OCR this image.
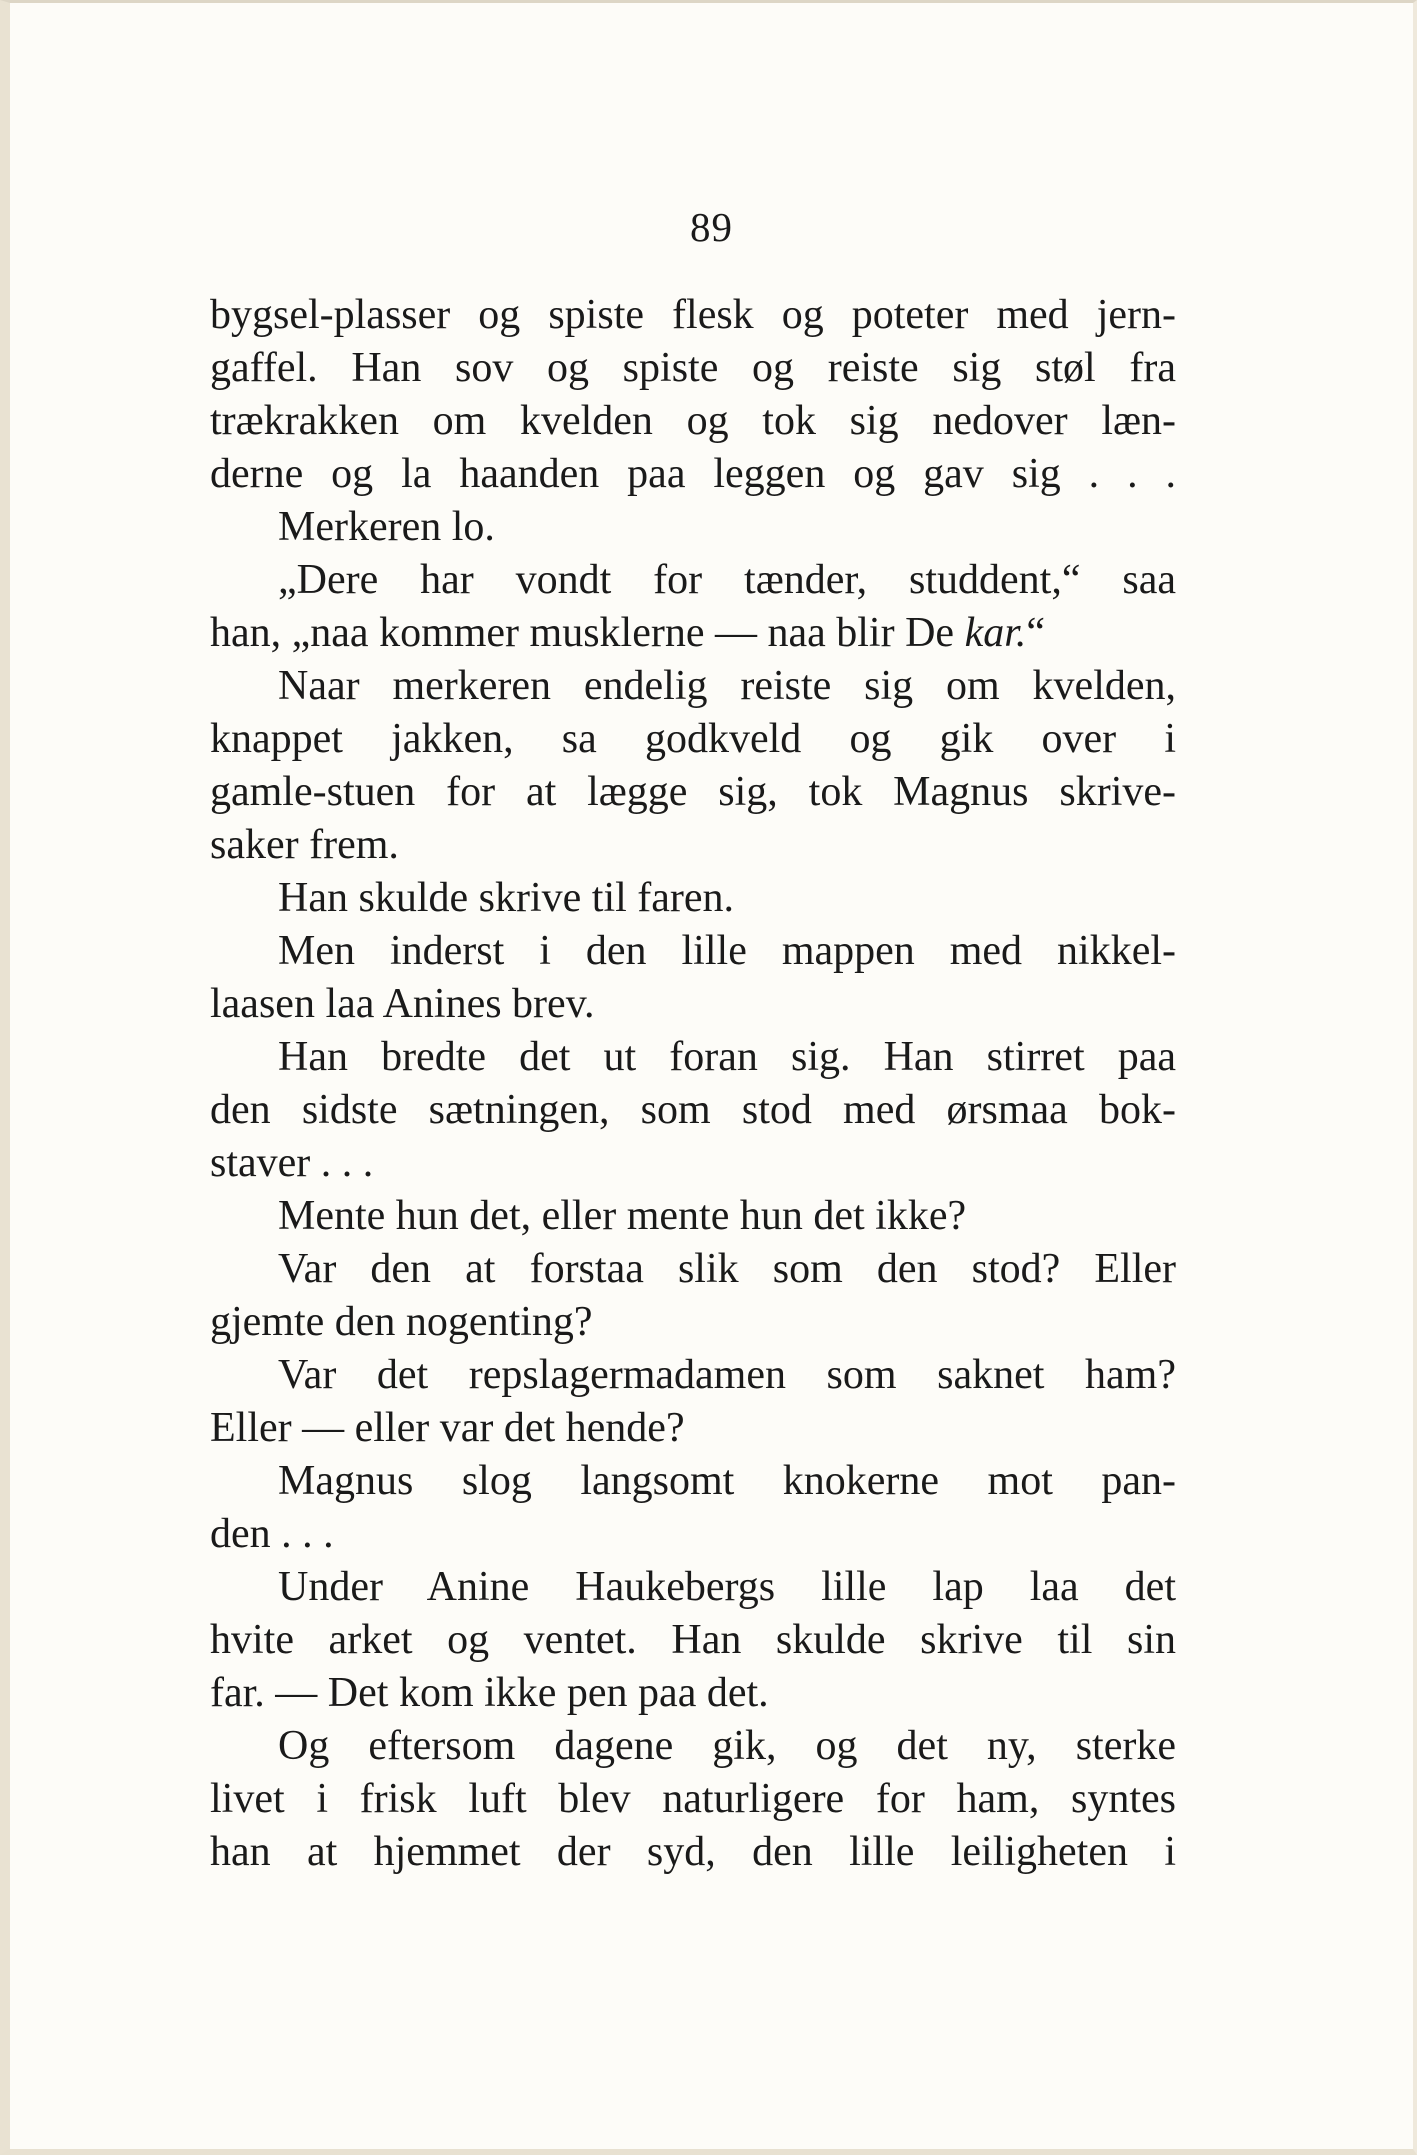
89
bygsel-plasser og spiste flesk og poteter med jern-
gaffel. Han sov og spiste og reiste sig støl fra
trækrakken om kvelden og tok sig nedover læn-
derne og la haanden paa leggen og gav sig . . .
Merkeren lo.
„Dere har vondt for tænder, studdent,“ saa
han, „naa kommer musklerne — naa blir De kar.“
Naar merkeren endelig reiste sig om kvelden,
knappet jakken, sa godkveld og gik over i
gamle-stuen for at lægge sig, tok Magnus skrive-
saker frem.
Han skulde skrive til faren.
Men inderst i den lille mappen med nikkel-
laasen laa Anines brev.
Han bredte det ut foran sig. Han stirret paa
den sidste sætningen, som stod med ørsmaa bok-
staver . . .
Mente hun det, eller mente hun det ikke?
Var den at forstaa slik som den stod? Eller
gjemte den nogenting?
Var det repslagermadamen som saknet ham?
Eller — eller var det hende?
Magnus slog langsomt knokerne mot pan-
den . . .
Under Anine Haukebergs lille lap laa det
hvite arket og ventet. Han skulde skrive til sin
far. — Det kom ikke pen paa det.
Og eftersom dagene gik, og det ny, sterke
livet i frisk luft blev naturligere for ham, syntes
han at hjemmet der syd, den lille leiligheten i
